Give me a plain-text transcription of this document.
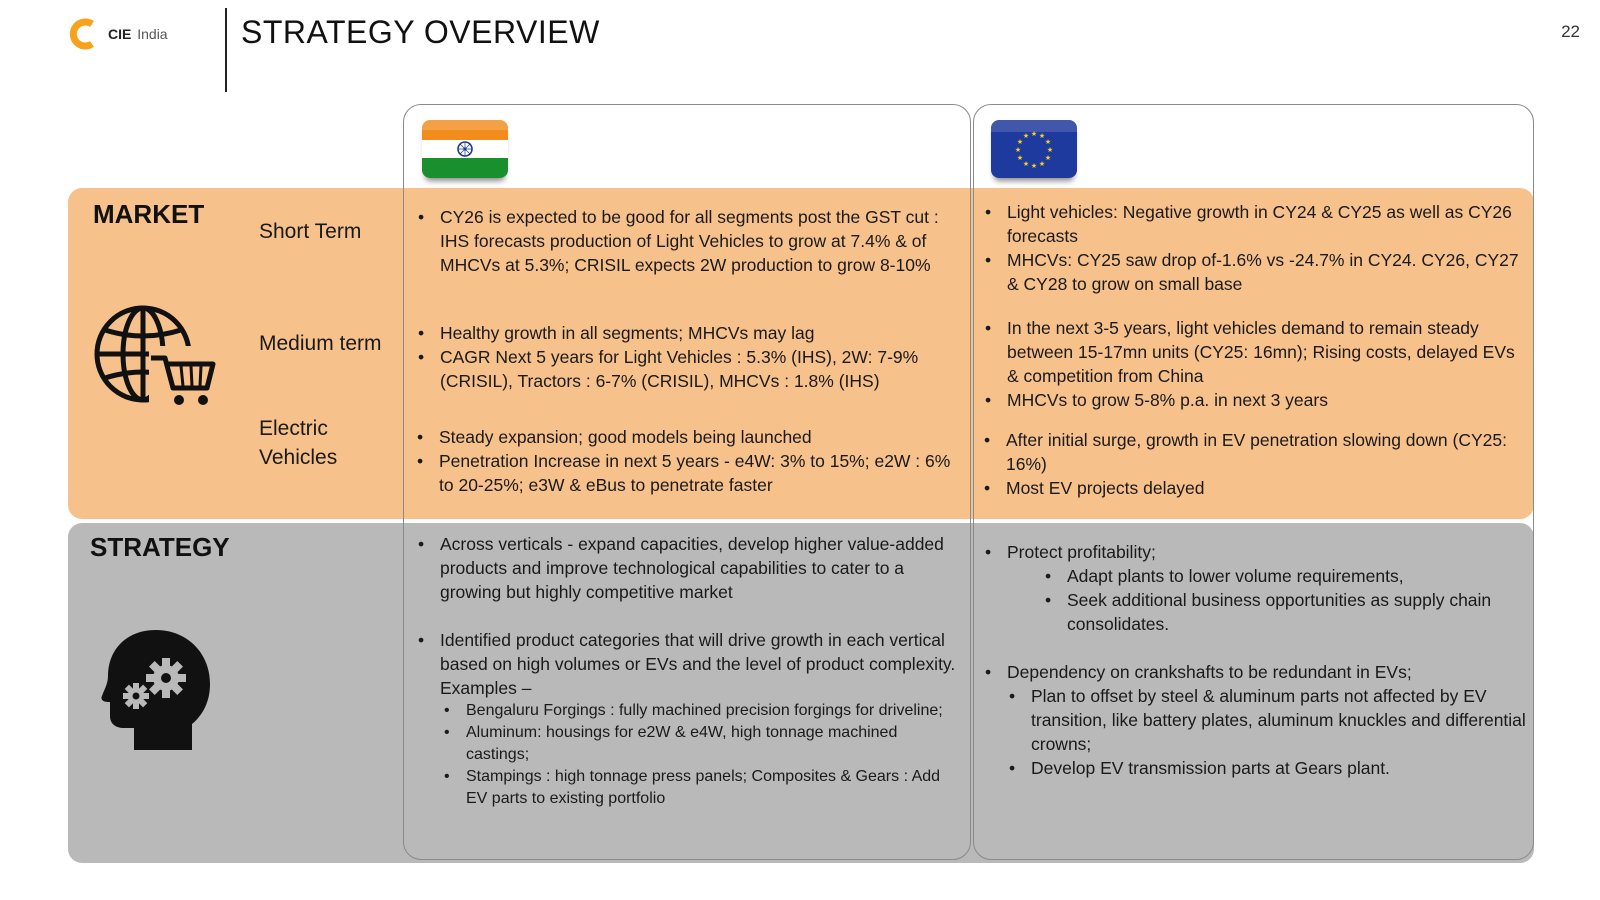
CIE India STRATEGY OVERVIEW	22
★ ★
★
★
★
★
★
★
★
★
★
★
MARKET
Short Term
Medium term
Electric
Vehicles
STRATEGY
• CY26 is expected to be good for all segments post the GST cut : IHS forecasts production of Light Vehicles to grow at 7.4% & of MHCVs at 5.3%; CRISIL expects 2W production to grow 8-10%
• Healthy growth in all segments; MHCVs may lag
• CAGR Next 5 years for Light Vehicles : 5.3% (IHS), 2W: 7-9% (CRISIL), Tractors : 6-7% (CRISIL), MHCVs : 1.8% (IHS)
• Steady expansion; good models being launched
• Penetration Increase in next 5 years - e4W: 3% to 15%; e2W : 6% to 20-25%; e3W & eBus to penetrate faster
• Light vehicles: Negative growth in CY24 & CY25 as well as CY26 forecasts
• MHCVs: CY25 saw drop of-1.6% vs -24.7% in CY24. CY26, CY27 & CY28 to grow on small base
• In the next 3-5 years, light vehicles demand to remain steady between 15-17mn units (CY25: 16mn); Rising costs, delayed EVs & competition from China
• MHCVs to grow 5-8% p.a. in next 3 years
• After initial surge, growth in EV penetration slowing down (CY25: 16%)
• Most EV projects delayed
• Across verticals - expand capacities, develop higher value-added products and improve technological capabilities to cater to a growing but highly competitive market
• Identified product categories that will drive growth in each vertical based on high volumes or EVs and the level of product complexity. Examples –
• Bengaluru Forgings : fully machined precision forgings for driveline;
• Aluminum: housings for e2W & e4W, high tonnage machined castings;
• Stampings : high tonnage press panels; Composites & Gears : Add EV parts to existing portfolio
• Protect profitability;
• Adapt plants to lower volume requirements,
• Seek additional business opportunities as supply chain consolidates.
• Dependency on crankshafts to be redundant in EVs;
• Plan to offset by steel & aluminum parts not affected by EV transition, like battery plates, aluminum knuckles and differential crowns;
• Develop EV transmission parts at Gears plant.
